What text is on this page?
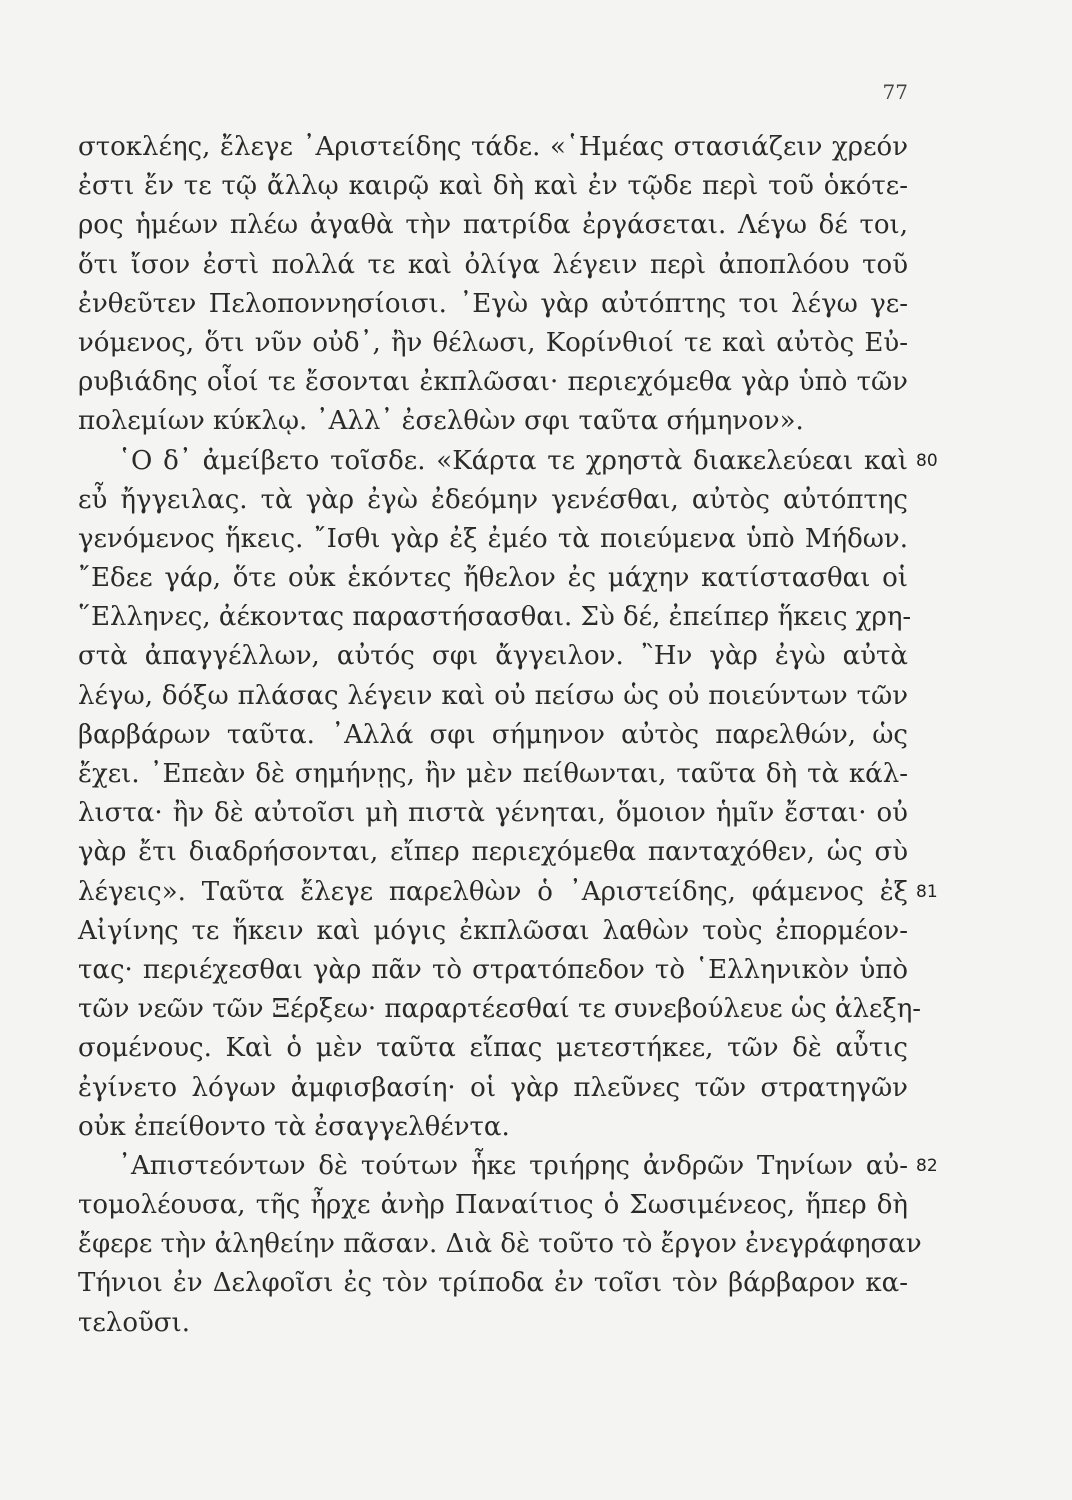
77
στοκλέης, ἔλεγε ᾿Αριστείδης τάδε. «῾Ημέας στασιάζειν χρεόν
ἐστι ἔν τε τῷ ἄλλῳ καιρῷ καὶ δὴ καὶ ἐν τῷδε περὶ τοῦ ὁκότε-
ρος ἡμέων πλέω ἀγαθὰ τὴν πατρίδα ἐργάσεται. Λέγω δέ τοι,
ὅτι ἴσον ἐστὶ πολλά τε καὶ ὀλίγα λέγειν περὶ ἀποπλόου τοῦ
ἐνθεῦτεν Πελοποννησίοισι. ᾿Εγὼ γὰρ αὐτόπτης τοι λέγω γε-
νόμενος, ὅτι νῦν οὐδ᾿, ἢν θέλωσι, Κορίνθιοί τε καὶ αὐτὸς Εὐ-
ρυβιάδης οἷοί τε ἔσονται ἐκπλῶσαι· περιεχόμεθα γὰρ ὑπὸ τῶν
πολεμίων κύκλῳ. ᾿Αλλ᾿ ἐσελθὼν σφι ταῦτα σήμηνον».
῾Ο δ᾿ ἀμείβετο τοῖσδε. «Κάρτα τε χρηστὰ διακελεύεαι καὶ 80
εὖ ἤγγειλας. τὰ γὰρ ἐγὼ ἐδεόμην γενέσθαι, αὐτὸς αὐτόπτης
γενόμενος ἥκεις. ῎Ισθι γὰρ ἐξ ἐμέο τὰ ποιεύμενα ὑπὸ Μήδων.
῎Εδεε γάρ, ὅτε οὐκ ἑκόντες ἤθελον ἐς μάχην κατίστασθαι οἱ
῞Ελληνες, ἀέκοντας παραστήσασθαι. Σὺ δέ, ἐπείπερ ἥκεις χρη-
στὰ ἀπαγγέλλων, αὐτός σφι ἄγγειλον. ῍Ην γὰρ ἐγὼ αὐτὰ
λέγω, δόξω πλάσας λέγειν καὶ οὐ πείσω ὡς οὐ ποιεύντων τῶν
βαρβάρων ταῦτα. ᾿Αλλά σφι σήμηνον αὐτὸς παρελθών, ὡς
ἔχει. ᾿Επεὰν δὲ σημήνῃς, ἢν μὲν πείθωνται, ταῦτα δὴ τὰ κάλ-
λιστα· ἢν δὲ αὐτοῖσι μὴ πιστὰ γένηται, ὅμοιον ἡμῖν ἔσται· οὐ
γὰρ ἔτι διαδρήσονται, εἴπερ περιεχόμεθα πανταχόθεν, ὡς σὺ
λέγεις». Ταῦτα ἔλεγε παρελθὼν ὁ ᾿Αριστείδης, φάμενος ἐξ 81
Αἰγίνης τε ἥκειν καὶ μόγις ἐκπλῶσαι λαθὼν τοὺς ἐπορμέον-
τας· περιέχεσθαι γὰρ πᾶν τὸ στρατόπεδον τὸ ῾Ελληνικὸν ὑπὸ
τῶν νεῶν τῶν Ξέρξεω· παραρτέεσθαί τε συνεβούλευε ὡς ἀλεξη-
σομένους. Καὶ ὁ μὲν ταῦτα εἴπας μετεστήκεε, τῶν δὲ αὖτις
ἐγίνετο λόγων ἀμφισβασίη· οἱ γὰρ πλεῦνες τῶν στρατηγῶν
οὐκ ἐπείθοντο τὰ ἐσαγγελθέντα.
᾿Απιστεόντων δὲ τούτων ἧκε τριήρης ἀνδρῶν Τηνίων αὐ- 82
τομολέουσα, τῆς ἦρχε ἀνὴρ Παναίτιος ὁ Σωσιμένεος, ἥπερ δὴ
ἔφερε τὴν ἀληθείην πᾶσαν. Διὰ δὲ τοῦτο τὸ ἔργον ἐνεγράφησαν
Τήνιοι ἐν Δελφοῖσι ἐς τὸν τρίποδα ἐν τοῖσι τὸν βάρβαρον κα-
τελοῦσι.
